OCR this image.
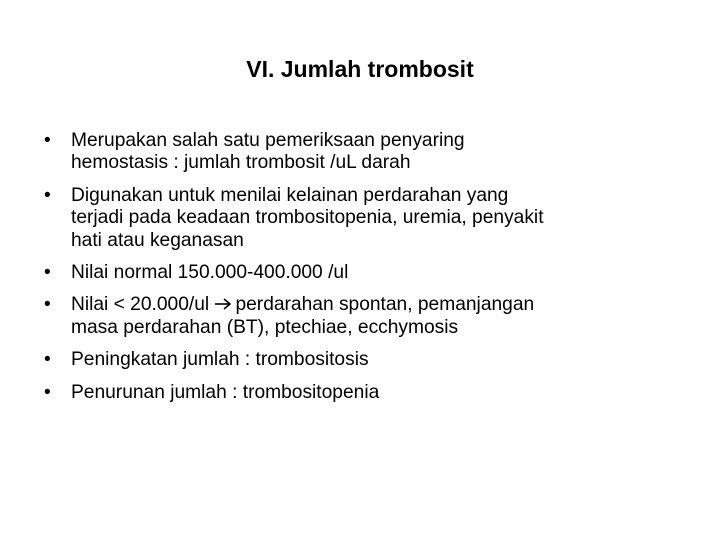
VI. Jumlah trombosit
• Merupakan salah satu pemeriksaan penyaring
hemostasis : jumlah trombosit /uL darah
• Digunakan untuk menilai kelainan perdarahan yang
terjadi pada keadaan trombositopenia, uremia, penyakit
hati atau keganasan
• Nilai normal 150.000-400.000 /ul
• Nilai < 20.000/ul perdarahan spontan, pemanjangan
masa perdarahan (BT), ptechiae, ecchymosis
• Peningkatan jumlah : trombositosis
• Penurunan jumlah : trombositopenia
